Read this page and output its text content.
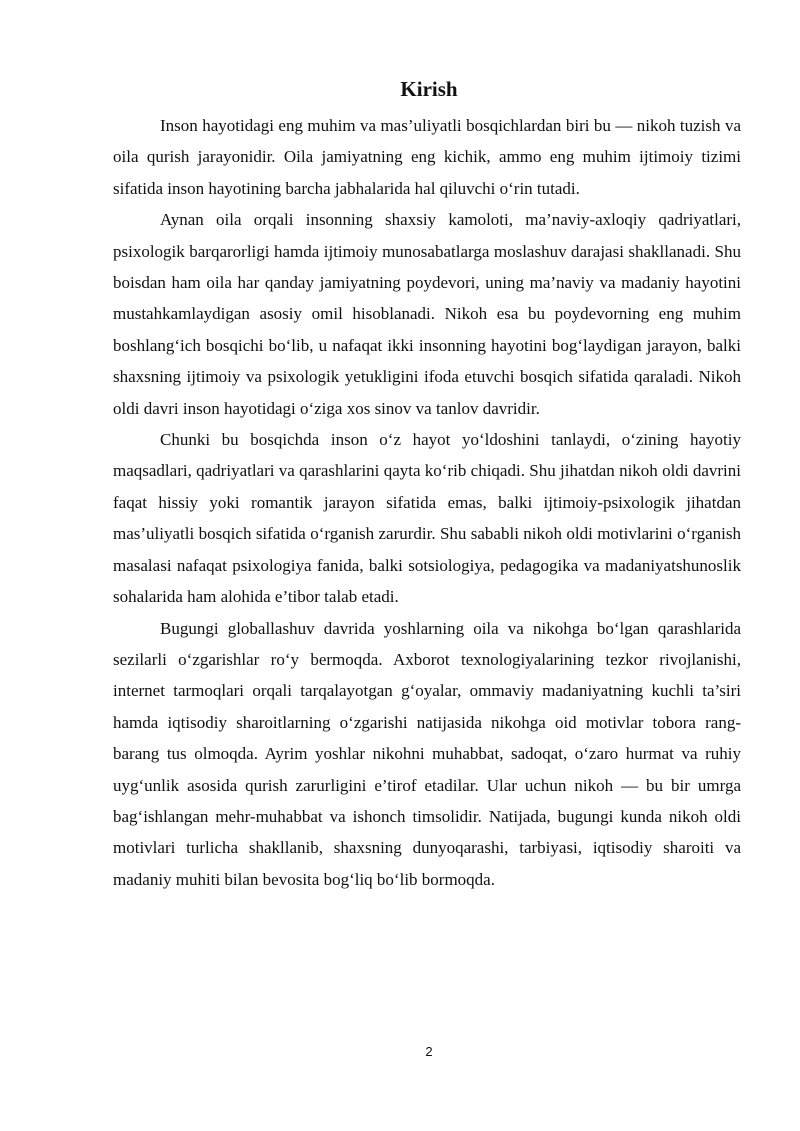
Kirish

Inson hayotidagi eng muhim va mas’uliyatli bosqichlardan biri bu — nikoh tuzish va oila qurish jarayonidir. Oila jamiyatning eng kichik, ammo eng muhim ijtimoiy tizimi sifatida inson hayotining barcha jabhalarida hal qiluvchi o‘rin tutadi.

Aynan oila orqali insonning shaxsiy kamoloti, ma’naviy-axloqiy qadriyatlari, psixologik barqarorligi hamda ijtimoiy munosabatlarga moslashuv darajasi shakllanadi. Shu boisdan ham oila har qanday jamiyatning poydevori, uning ma’naviy va madaniy hayotini mustahkamlaydigan asosiy omil hisoblanadi. Nikoh esa bu poydevorning eng muhim boshlang‘ich bosqichi bo‘lib, u nafaqat ikki insonning hayotini bog‘laydigan jarayon, balki shaxsning ijtimoiy va psixologik yetukligini ifoda etuvchi bosqich sifatida qaraladi. Nikoh oldi davri inson hayotidagi o‘ziga xos sinov va tanlov davridir.

Chunki bu bosqichda inson o‘z hayot yo‘ldoshini tanlaydi, o‘zining hayotiy maqsadlari, qadriyatlari va qarashlarini qayta ko‘rib chiqadi. Shu jihatdan nikoh oldi davrini faqat hissiy yoki romantik jarayon sifatida emas, balki ijtimoiy-psixologik jihatdan mas’uliyatli bosqich sifatida o‘rganish zarurdir. Shu sababli nikoh oldi motivlarini o‘rganish masalasi nafaqat psixologiya fanida, balki sotsiologiya, pedagogika va madaniyatshunoslik sohalarida ham alohida e’tibor talab etadi.

Bugungi globallashuv davrida yoshlarning oila va nikohga bo‘lgan qarashlarida sezilarli o‘zgarishlar ro‘y bermoqda. Axborot texnologiyalarining tezkor rivojlanishi, internet tarmoqlari orqali tarqalayotgan g‘oyalar, ommaviy madaniyatning kuchli ta’siri hamda iqtisodiy sharoitlarning o‘zgarishi natijasida nikohga oid motivlar tobora rang-barang tus olmoqda. Ayrim yoshlar nikohni muhabbat, sadoqat, o‘zaro hurmat va ruhiy uyg‘unlik asosida qurish zarurligini e’tirof etadilar. Ular uchun nikoh — bu bir umrga bag‘ishlangan mehr-muhabbat va ishonch timsolidir. Natijada, bugungi kunda nikoh oldi motivlari turlicha shakllanib, shaxsning dunyoqarashi, tarbiyasi, iqtisodiy sharoiti va madaniy muhiti bilan bevosita bog‘liq bo‘lib bormoqda.

2
